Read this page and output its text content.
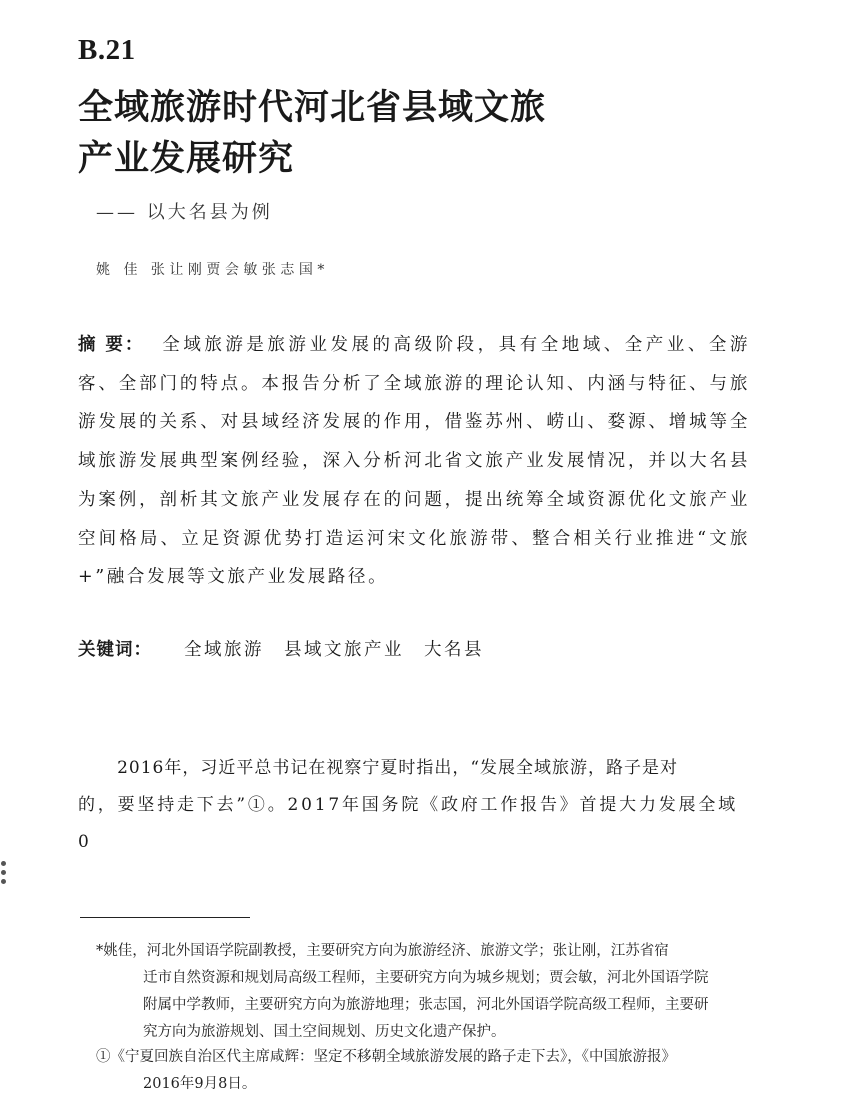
B.21
全域旅游时代河北省县域文旅
产业发展研究
—— 以大名县为例
姚 佳 张让刚贾会敏张志国*
摘 要： 全域旅游是旅游业发展的高级阶段，具有全地域、全产业、全游客、全部门的特点。本报告分析了全域旅游的理论认知、内涵与特征、与旅游发展的关系、对县域经济发展的作用，借鉴苏州、崂山、婺源、增城等全域旅游发展典型案例经验，深入分析河北省文旅产业发展情况，并以大名县为案例，剖析其文旅产业发展存在的问题，提出统筹全域资源优化文旅产业空间格局、立足资源优势打造运河宋文化旅游带、整合相关行业推进“文旅+”融合发展等文旅产业发展路径。
关键词： 全域旅游 县域文旅产业 大名县
2016年，习近平总书记在视察宁夏时指出，“发展全域旅游，路子是对
的，要坚持走下去”①。2017年国务院《政府工作报告》首提大力发展全域
0
*姚佳，河北外国语学院副教授，主要研究方向为旅游经济、旅游文学；张让刚，江苏省宿
迁市自然资源和规划局高级工程师，主要研究方向为城乡规划；贾会敏，河北外国语学院
附属中学教师，主要研究方向为旅游地理；张志国，河北外国语学院高级工程师，主要研
究方向为旅游规划、国土空间规划、历史文化遗产保护。
①《宁夏回族自治区代主席咸辉：坚定不移朝全域旅游发展的路子走下去》，《中国旅游报》
2016年9月8日。
